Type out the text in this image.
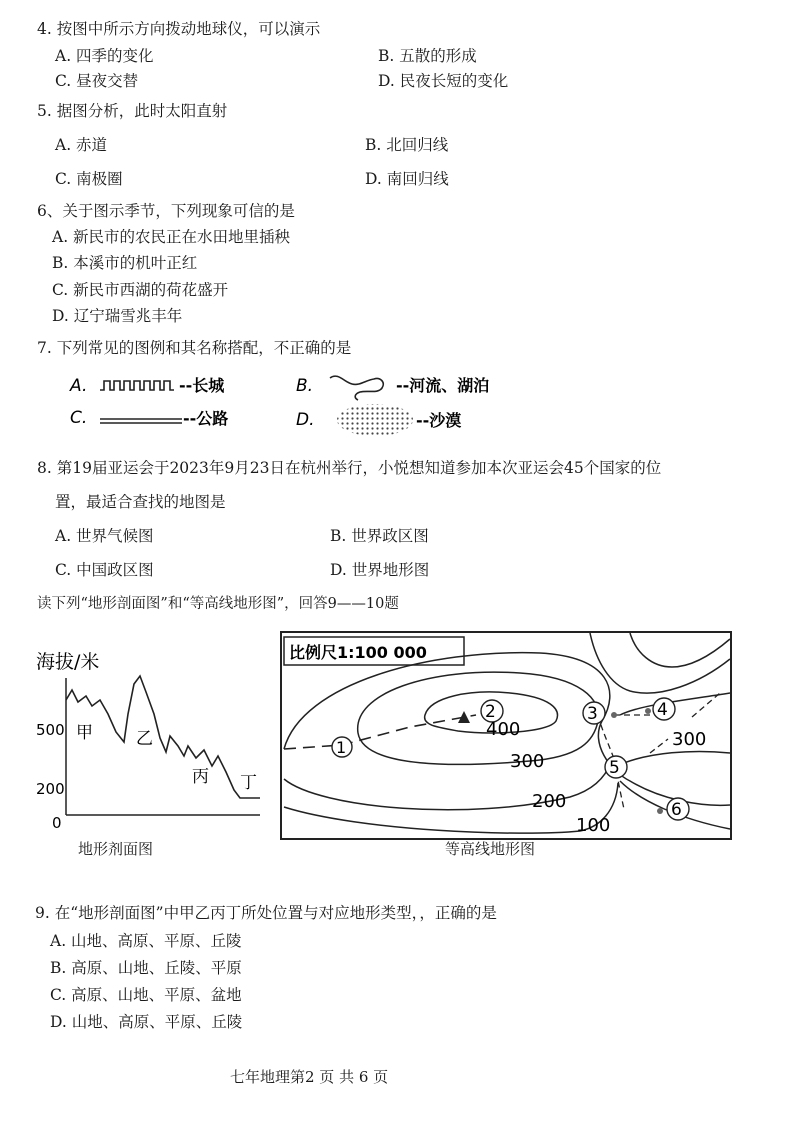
4. 按图中所示方向拨动地球仪，可以演示
A. 四季的变化	B. 五散的形成
C. 昼夜交替	D. 民夜长短的变化
5. 据图分析，此时太阳直射
A. 赤道	B. 北回归线
C. 南极圈	D. 南回归线
6、关于图示季节，下列现象可信的是
A. 新民市的农民正在水田地里插秧
B. 本溪市的机叶正红
C. 新民市西湖的荷花盛开
D. 辽宁瑞雪兆丰年
7. 下列常见的图例和其名称搭配，不正确的是
A.	--长城	B.	--河流、湖泊
C.	--公路	D.	--沙漠
8. 第19届亚运会于2023年9月23日在杭州举行，小悦想知道参加本次亚运会45个国家的位
置，最适合查找的地图是
A. 世界气候图	B. 世界政区图
C. 中国政区图	D. 世界地形图
读下列“地形剖面图”和“等高线地形图”，回答9——10题
海拔/米
500
200
0
甲	乙
丙 丁
地形剂面图
比例尺1:100 000
1
2	3	4
5
6
400
300
300
200
100
等高线地形图
9. 在“地形剖面图”中甲乙丙丁所处位置与对应地形类型，，正确的是
A. 山地、高原、平原、丘陵
B. 高原、山地、丘陵、平原
C. 高原、山地、平原、盆地
D. 山地、高原、平原、丘陵
七年地理第2 页 共 6 页
